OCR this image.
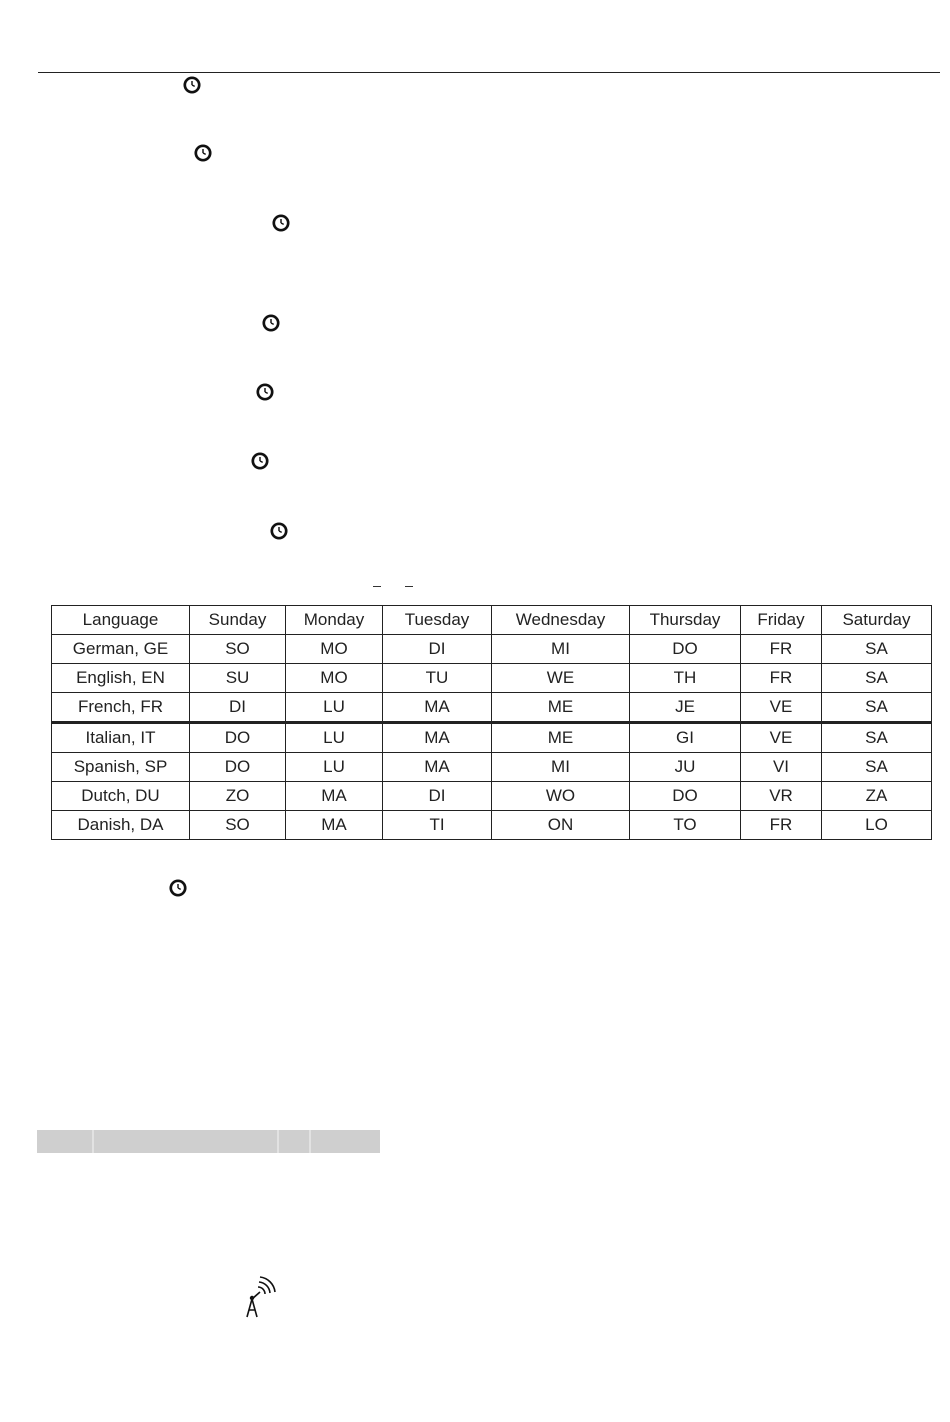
Language	Sunday	Monday	Tuesday	Wednesday	Thursday	Friday	Saturday
German, GE	SO	MO	DI	MI	DO	FR	SA
English, EN	SU	MO	TU	WE	TH	FR	SA
French, FR	DI	LU	MA	ME	JE	VE	SA
Italian, IT	DO	LU	MA	ME	GI	VE	SA
Spanish, SP	DO	LU	MA	MI	JU	VI	SA
Dutch, DU	ZO	MA	DI	WO	DO	VR	ZA
Danish, DA	SO	MA	TI	ON	TO	FR	LO
